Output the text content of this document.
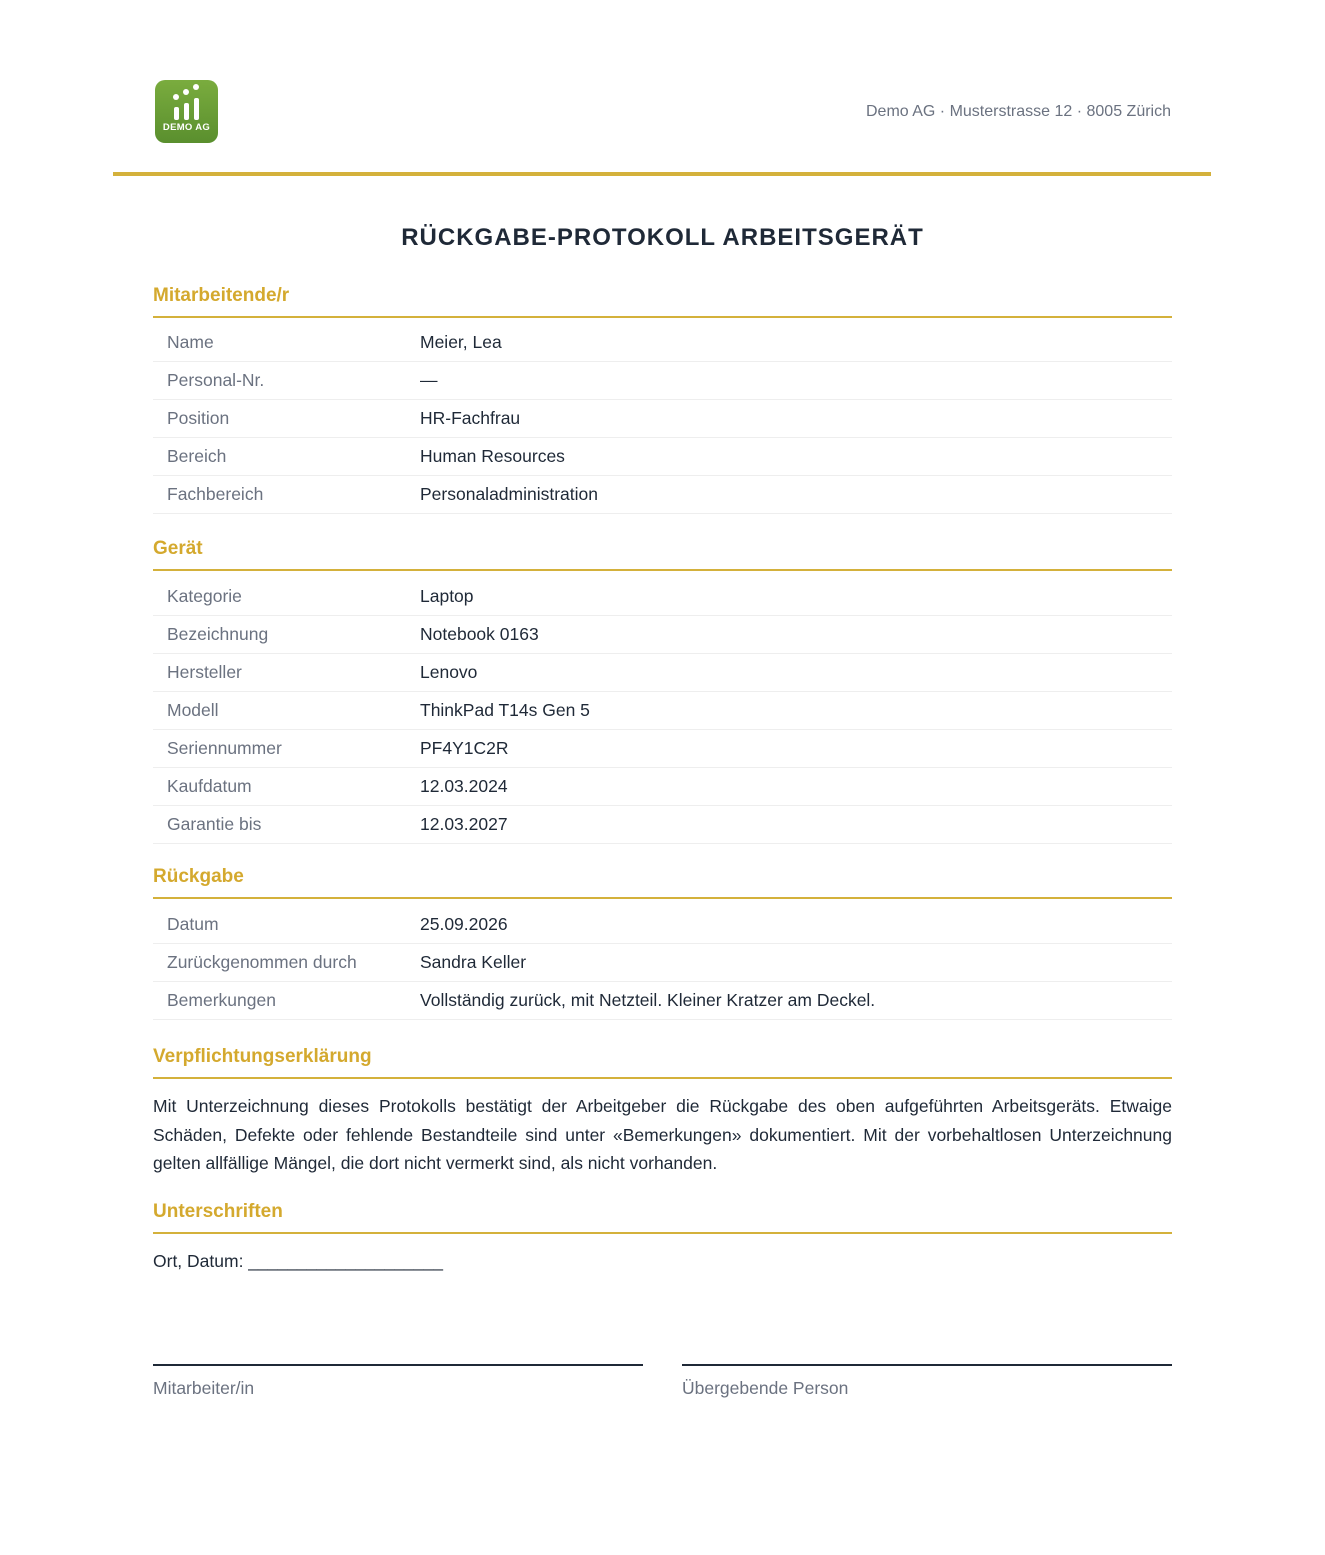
DEMO AG
Demo AG · Musterstrasse 12 · 8005 Zürich
RÜCKGABE-PROTOKOLL ARBEITSGERÄT
Mitarbeitende/r
Name	Meier, Lea
Personal-Nr.	—
Position	HR-Fachfrau
Bereich	Human Resources
Fachbereich	Personaladministration
Gerät
Kategorie	Laptop
Bezeichnung	Notebook 0163
Hersteller	Lenovo
Modell	ThinkPad T14s Gen 5
Seriennummer	PF4Y1C2R
Kaufdatum	12.03.2024
Garantie bis	12.03.2027
Rückgabe
Datum	25.09.2026
Zurückgenommen durch	Sandra Keller
Bemerkungen	Vollständig zurück, mit Netzteil. Kleiner Kratzer am Deckel.
Verpflichtungserklärung
Mit Unterzeichnung dieses Protokolls bestätigt der Arbeitgeber die Rückgabe des oben aufgeführten Arbeitsgeräts. Etwaige Schäden, Defekte oder fehlende Bestandteile sind unter «Bemerkungen» dokumentiert. Mit der vorbehaltlosen Unterzeichnung gelten allfällige Mängel, die dort nicht vermerkt sind, als nicht vorhanden.
Unterschriften
Ort, Datum: ____________________
Mitarbeiter/in	Übergebende Person
